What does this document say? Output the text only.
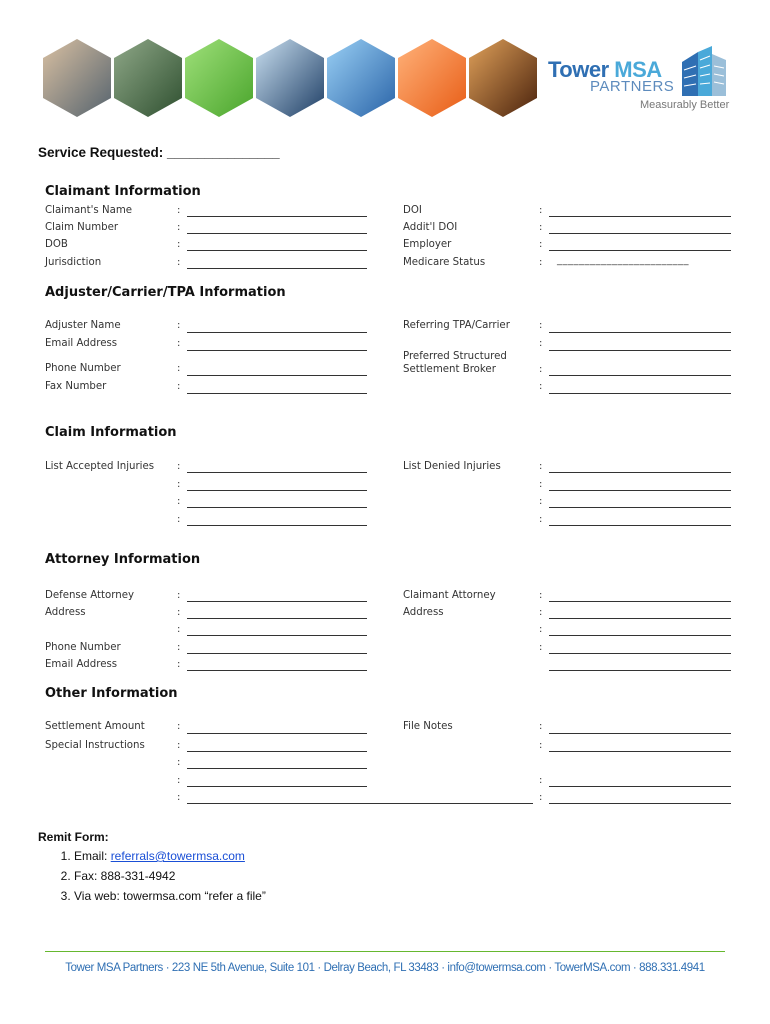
Tower MSA
PARTNERS
Measurably Better
Service Requested: _______________
Claimant Information
Claimant's Name
Claim Number
DOB
Jurisdiction
:
:
:
:
DOI
Addit'l DOI
Employer
Medicare Status
:
:
:
: ________________________
Adjuster/Carrier/TPA Information
Adjuster Name
Email Address
Phone Number
Fax Number
:
:
:
:
Referring TPA/Carrier
Preferred Structured
Settlement Broker
:
:
:
:
Claim Information
List Accepted Injuries :
:
:
:
List Denied Injuries	:
:
:
:
Attorney Information
Defense Attorney
Address
Phone Number
Email Address
:
:
:
:
:
Claimant Attorney
Address
:
:
:
:
Other Information
Settlement Amount
Special Instructions
:
:
:
:
:
File Notes	:
:
:
:
Remit Form:
1. Email: referrals@towermsa.com
2. Fax: 888-331-4942
3. Via web: towermsa.com “refer a file”
Tower MSA Partners · 223 NE 5th Avenue, Suite 101 · Delray Beach, FL 33483 · info@towermsa.com · TowerMSA.com · 888.331.4941
